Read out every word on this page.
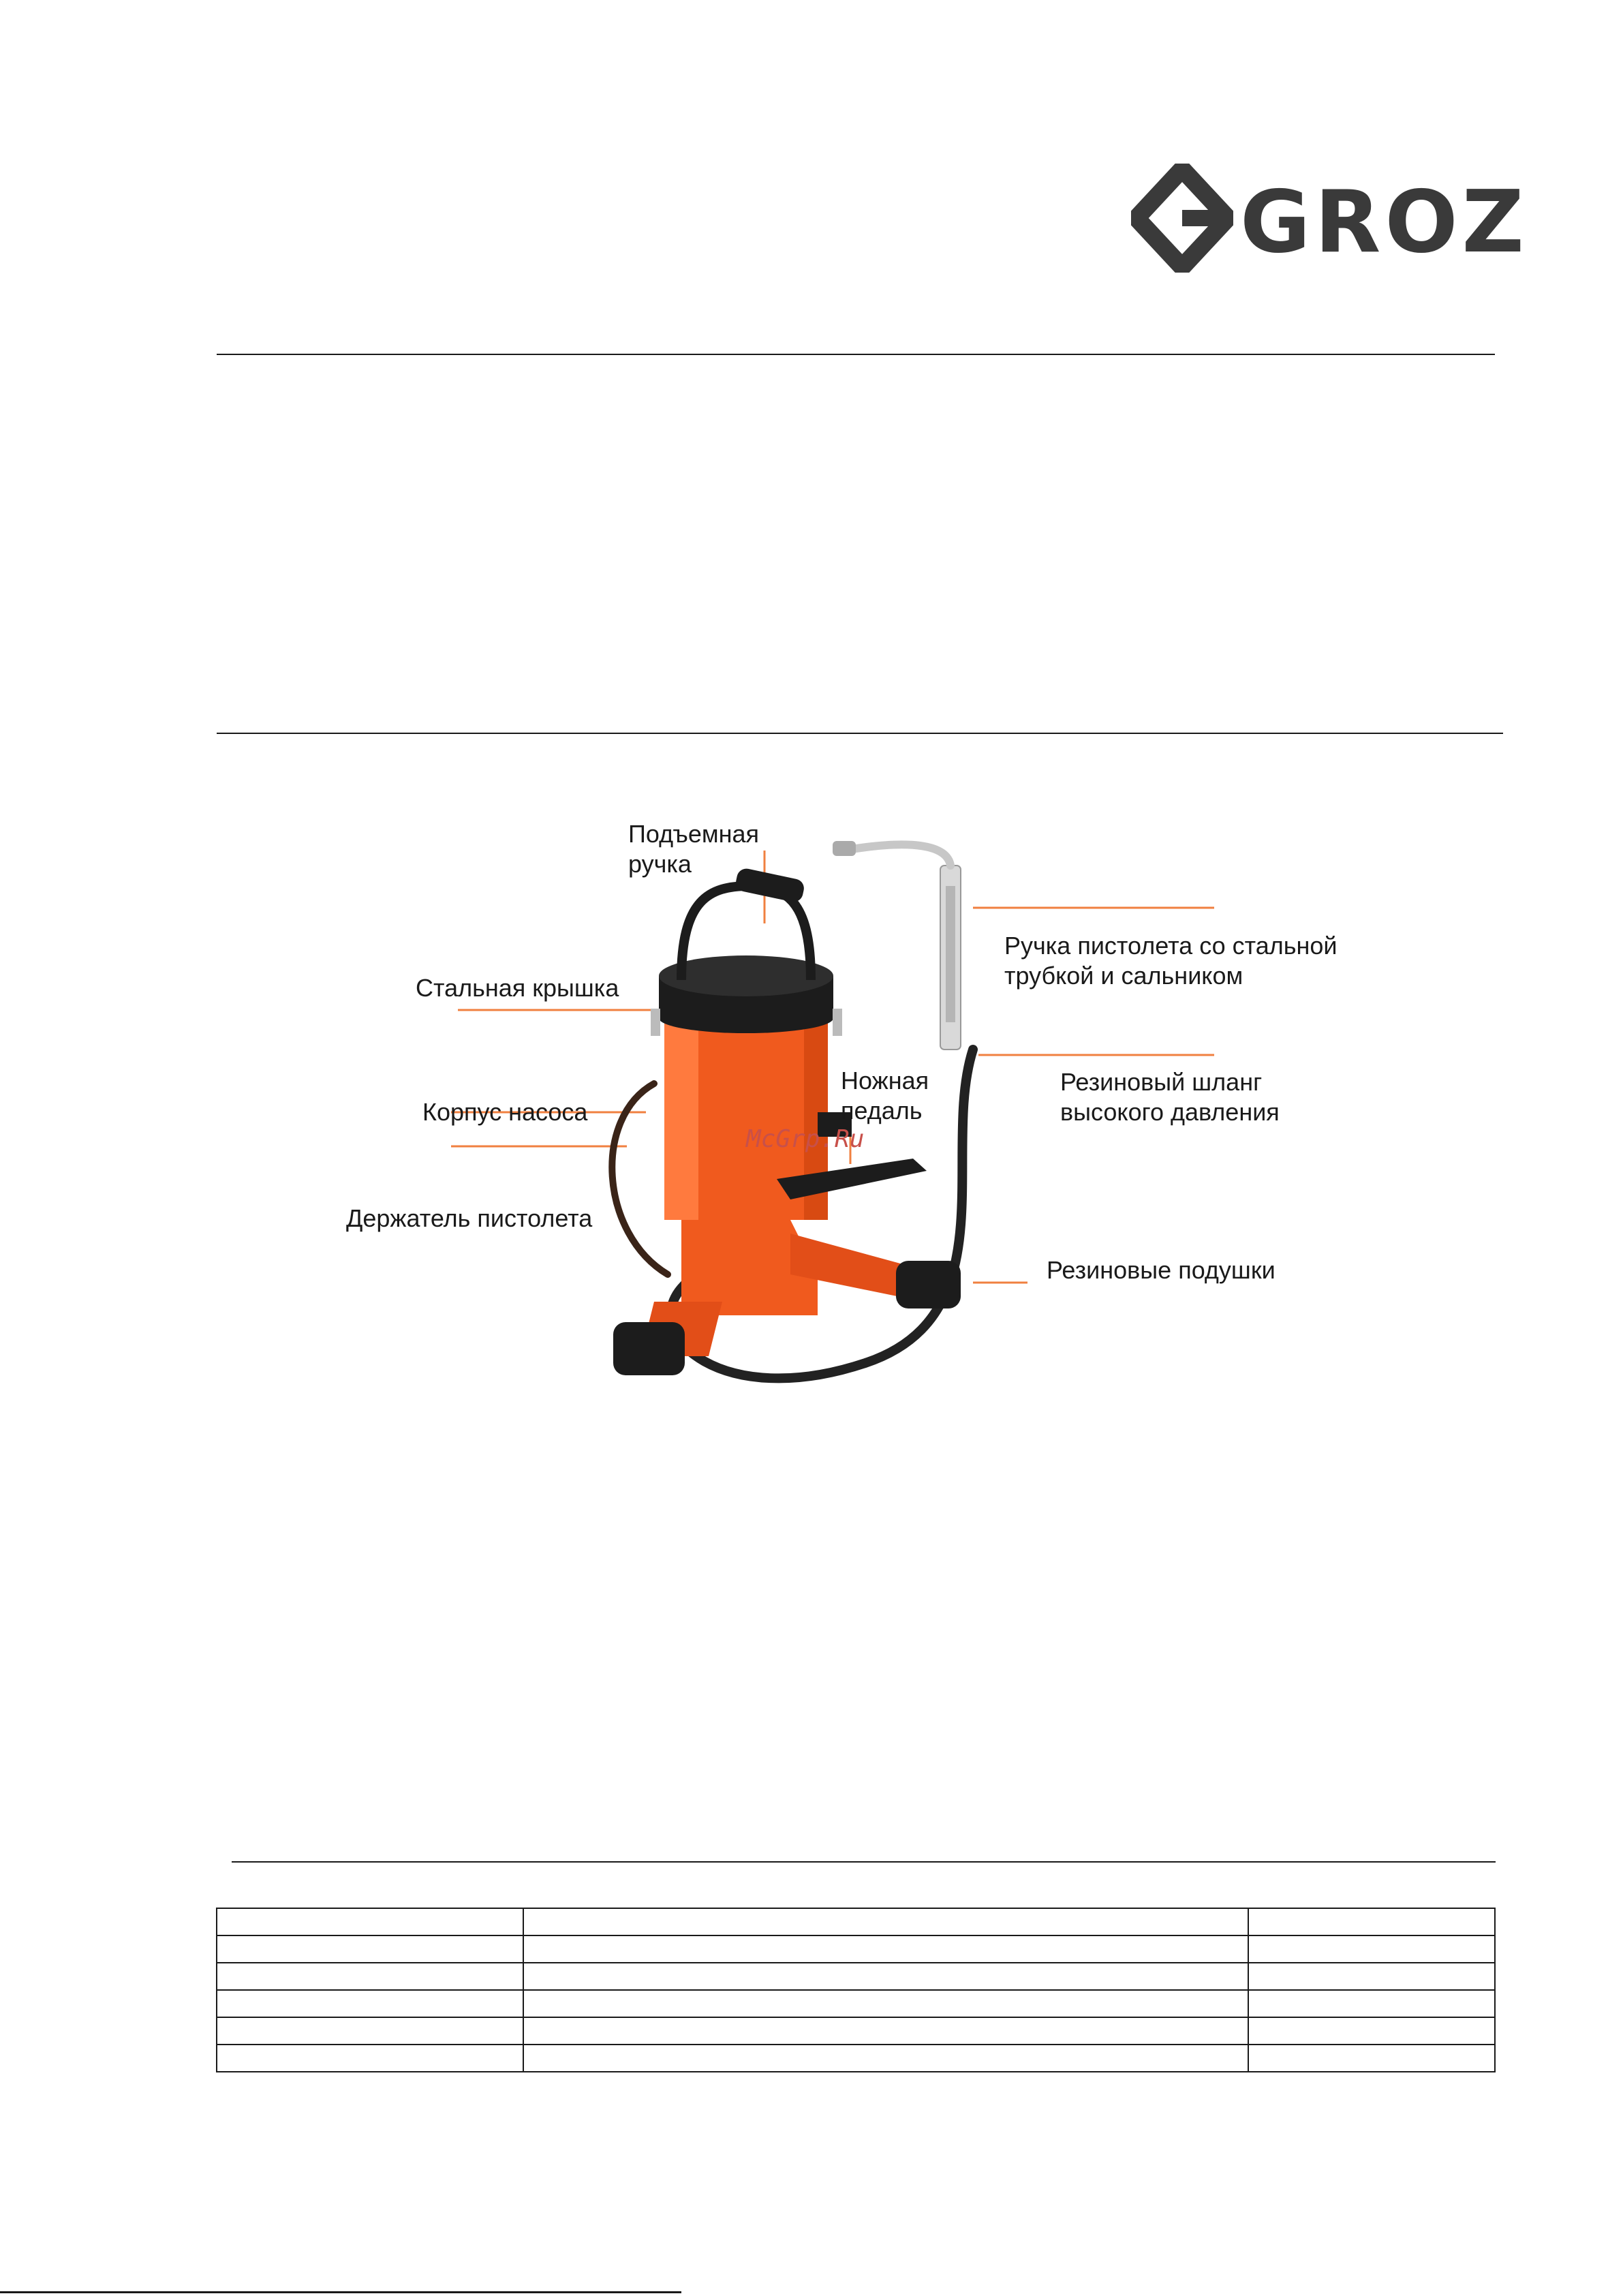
GROZ
Подъемная
ручка
Стальная крышка
Корпус насоса
Держатель пистолета
Ножная
педаль
Ручка пистолета со стальной
трубкой и сальником
Резиновый шланг
высокого давления
Резиновые подушки
McGrp.Ru
